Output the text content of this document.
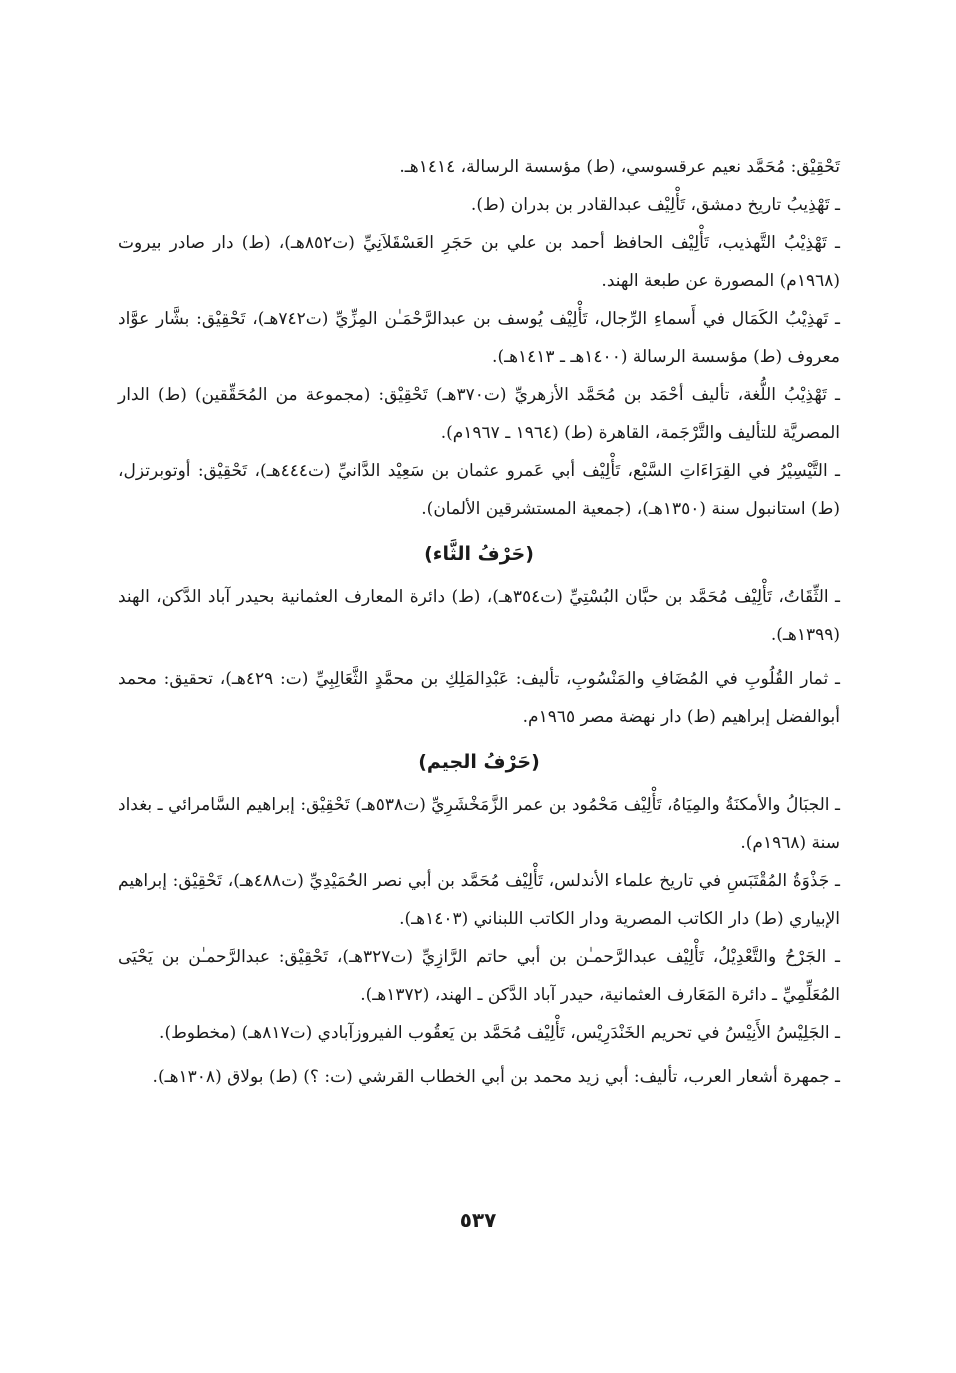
تَحْقِيْق: مُحَمَّد نعيم عرقسوسي، (ط) مؤسسة الرسالة، ١٤١٤هـ.

ـ تَهْذِيبُ تاريخ دمشق، تَأْلِيْف عبدالقادر بن بدران (ط).

ـ تَهْذِيْبُ التَّهذيب، تَأْلِيْف الحافظ أحمد بن علي بن حَجَرِ العَسْقَلاَنِيِّ (ت٨٥٢هـ)، (ط) دار صادر بيروت (١٩٦٨م) المصورة عن طبعة الهند.

ـ تَهذِيْبُ الكَمَال في أَسماءِ الرِّجال، تَأْلِيْف يُوسف بن عبدالرَّحْمَـٰن المِزِّيِّ (ت٧٤٢هـ)، تَحْقِيْق: بشَّار عوَّاد معروف (ط) مؤسسة الرسالة (١٤٠٠هـ ـ ١٤١٣هـ).

ـ تَهْذِيْبُ اللُّغة، تأليف أحْمَد بن مُحَمَّد الأزهريِّ (ت٣٧٠هـ) تَحْقِيْق: (مجموعة من المُحَقِّقين) (ط) الدار المصريَّة للتأليف والتَّرْجَمة، القاهرة (ط) (١٩٦٤ ـ ١٩٦٧م).

ـ التَّيْسِيْرُ في القِرَاءَاتِ السَّبْع، تَأْلِيْف أبي عَمرو عثمان بن سَعِيْد الدَّانيِّ (ت٤٤٤هـ)، تَحْقِيْق: أوتوبرتزل، (ط) استانبول سنة (١٣٥٠هـ)، (جمعية المستشرقين الألمان).

(حَرْفُ الثَّاء)

ـ الثِّقَاتُ، تَأْلِيْف مُحَمَّد بن حبَّان البُسْتِيِّ (ت٣٥٤هـ)، (ط) دائرة المعارف العثمانية بحيدر آباد الدَّكن، الهند (١٣٩٩هـ).

ـ ثمار القُلُوبِ في المُضَافِ والمَنْسُوبِ، تأليف: عَبْدِالمَلِكِ بن محمَّدٍ الثَّعَالِبِيِّ (ت: ٤٢٩هـ)، تحقيق: محمد أبوالفضل إبراهيم (ط) دار نهضة مصر ١٩٦٥م.

(حَرْفُ الجيم)

ـ الجبَالُ والأمكنَةُ والمِيَاهُ، تَأْلِيْف مَحْمُود بن عمر الزَّمَخْشَرِيِّ (ت٥٣٨هـ) تَحْقِيْق: إبراهيم السَّامرائي ـ بغداد سنة (١٩٦٨م).

ـ جَذْوَةُ المُقْتَبَسِ في تاريخ علماء الأندلس، تَأْلِيْف مُحَمَّد بن أبي نصر الحُمَيْدِيِّ (ت٤٨٨هـ)، تَحْقِيْق: إبراهيم الإبياري (ط) دار الكاتب المصرية ودار الكاتب اللبناني (١٤٠٣هـ).

ـ الجَرْحُ والتَّعْدِيْلُ، تَأْلِيْف عبدالرَّحمـٰن بن أبي حاتم الرَّازِيِّ (ت٣٢٧هـ)، تَحْقِيْق: عبدالرَّحمـٰن بن يَحْيَى المُعَلِّمِيِّ ـ دائرة المَعَارف العثمانية، حيدر آباد الدَّكن ـ الهند، (١٣٧٢هـ).

ـ الجَلِيْسُ الأَنِيْسُ في تحريم الخَنْدَرِيْس، تَأْلِيْف مُحَمَّد بن يَعقُوب الفيروزآبادي (ت٨١٧هـ) (مخطوط).

ـ جمهرة أشعار العرب، تأليف: أبي زيد محمد بن أبي الخطاب القرشي (ت: ؟) (ط) بولاق (١٣٠٨هـ).

٥٣٧
